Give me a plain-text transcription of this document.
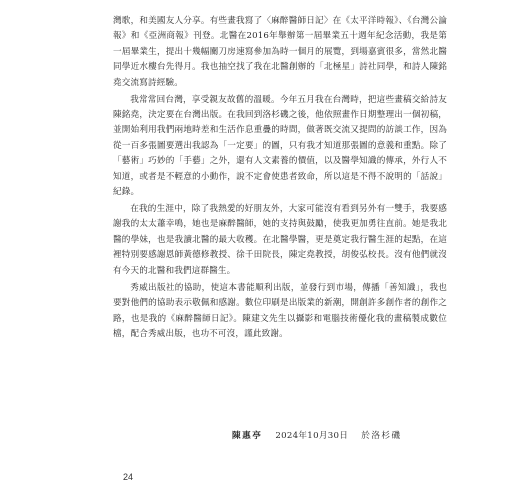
灣歌，和美國友人分享。有些畫我寫了〈麻醉醫師日記〉在《太平洋時報》、《台灣公論報》和《亞洲商報》刊登。北醫在2016年舉辦第一屆畢業五十週年紀念活動，我是第一屆畢業生，提出十幾幅關刀房速寫參加為時一個月的展覽，到場嘉賓很多，當然北醫同學近水樓台先得月。我也抽空找了我在北醫創辦的「北極星」詩社同學，和詩人陳銘堯交流寫詩經驗。

我常常回台灣，享受親友故舊的溫暖。今年五月我在台灣時，把這些畫稿交給詩友陳銘堯，決定要在台灣出版。在我回到洛杉磯之後，他依照畫作日期整理出一個初稿，並開始利用我們兩地時差和生活作息重疊的時間，做著既交流又提問的訪談工作，因為從一百多張圖要選出我認為「一定要」的圖，只有我才知道那張圖的意義和重點。除了「藝術」巧妙的「手藝」之外，還有人文素養的價值，以及醫學知識的傳承，外行人不知道，或者是不輕意的小動作，說不定會使患者致命，所以這是不得不說明的「話說」紀錄。

在我的生涯中，除了我熱愛的好朋友外，大家可能沒有看到另外有一雙手，我要感謝我的太太蕭幸鳴，她也是麻醉醫師，她的支持與鼓勵，使我更加勇往直前。她是我北醫的學妹，也是我讀北醫的最大收穫。在北醫學醫，更是奠定我行醫生涯的起點，在這裡特別要感謝恩師黃德修教授、徐千田院長，陳定堯教授，胡俊弘校長。沒有他們就沒有今天的北醫和我們這群醫生。

秀威出版社的協助，使這本書能順利出版，並發行到市場，傳播「善知識」，我也要對他們的協助表示敬佩和感謝。數位印刷是出版業的新潮，開創許多創作者的創作之路，也是我的《麻醉醫師日記》。陳建文先生以攝影和電腦技術優化我的畫稿製成數位檔，配合秀威出版，也功不可沒，謹此致謝。

陳惠亭 2024年10月30日 於洛杉磯
24
